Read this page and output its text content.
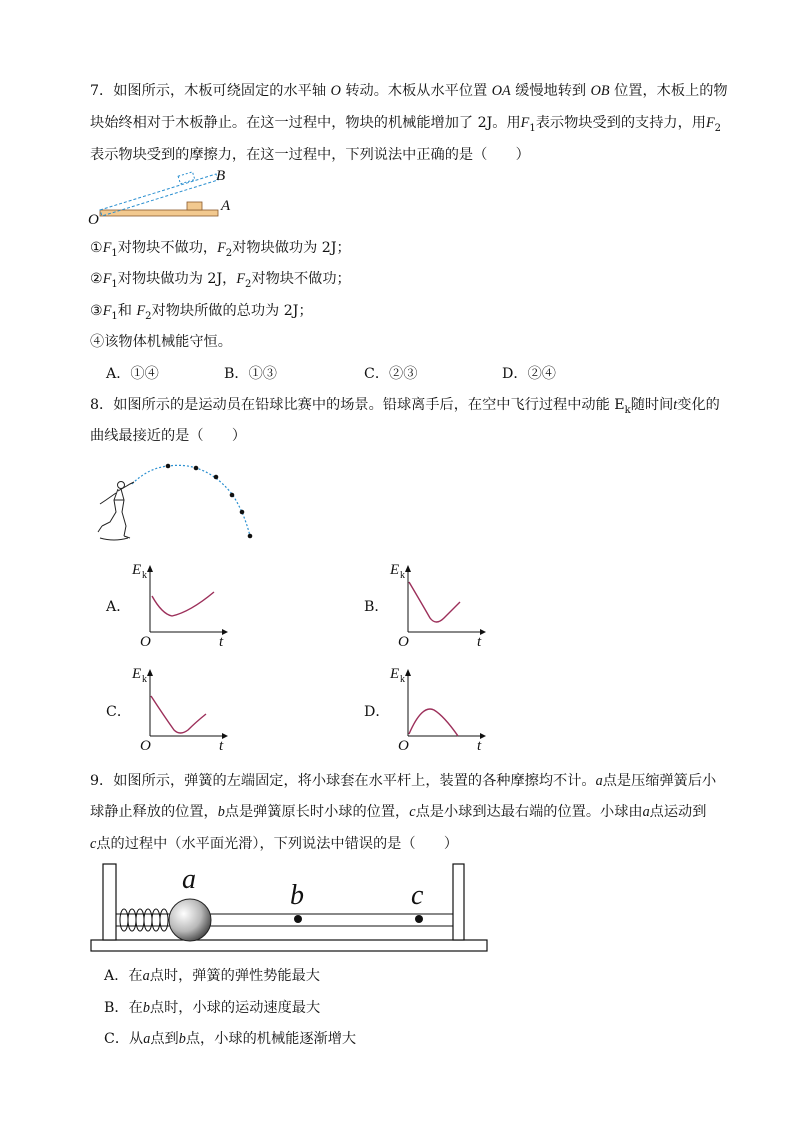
7．如图所示，木板可绕固定的水平轴 O 转动。木板从水平位置 OA 缓慢地转到 OB 位置，木板上的物
块始终相对于木板静止。在这一过程中，物块的机械能增加了 2J。用$F_1$表示物块受到的支持力，用$F_2$
表示物块受到的摩擦力，在这一过程中，下列说法中正确的是（　　）
O
A
B
$①F_1$对物块不做功，$F_2$对物块做功为 2J；
$②F_1$对物块做功为 2J，$F_2$对物块不做功；
$③F_1$和 $F_2$对物块所做的总功为 2J；
④该物体机械能守恒。
A．①④	B．①③	C．②③	D．②④
8．如图所示的是运动员在铅球比赛中的场景。铅球离手后，在空中飞行过程中动能 $E_k$随时间t变化的
曲线最接近的是（　　）
A．	B．
C．	D．
E k
O	t
E k
O	t
E k
O	t
E k
O	t
9．如图所示，弹簧的左端固定，将小球套在水平杆上，装置的各种摩擦均不计。a点是压缩弹簧后小
球静止释放的位置，b点是弹簧原长时小球的位置，c点是小球到达最右端的位置。小球由a点运动到
c点的过程中（水平面光滑），下列说法中错误的是（　　）
a
b	c
A．在a点时，弹簧的弹性势能最大
B．在b点时，小球的运动速度最大
C．从a点到b点，小球的机械能逐渐增大
